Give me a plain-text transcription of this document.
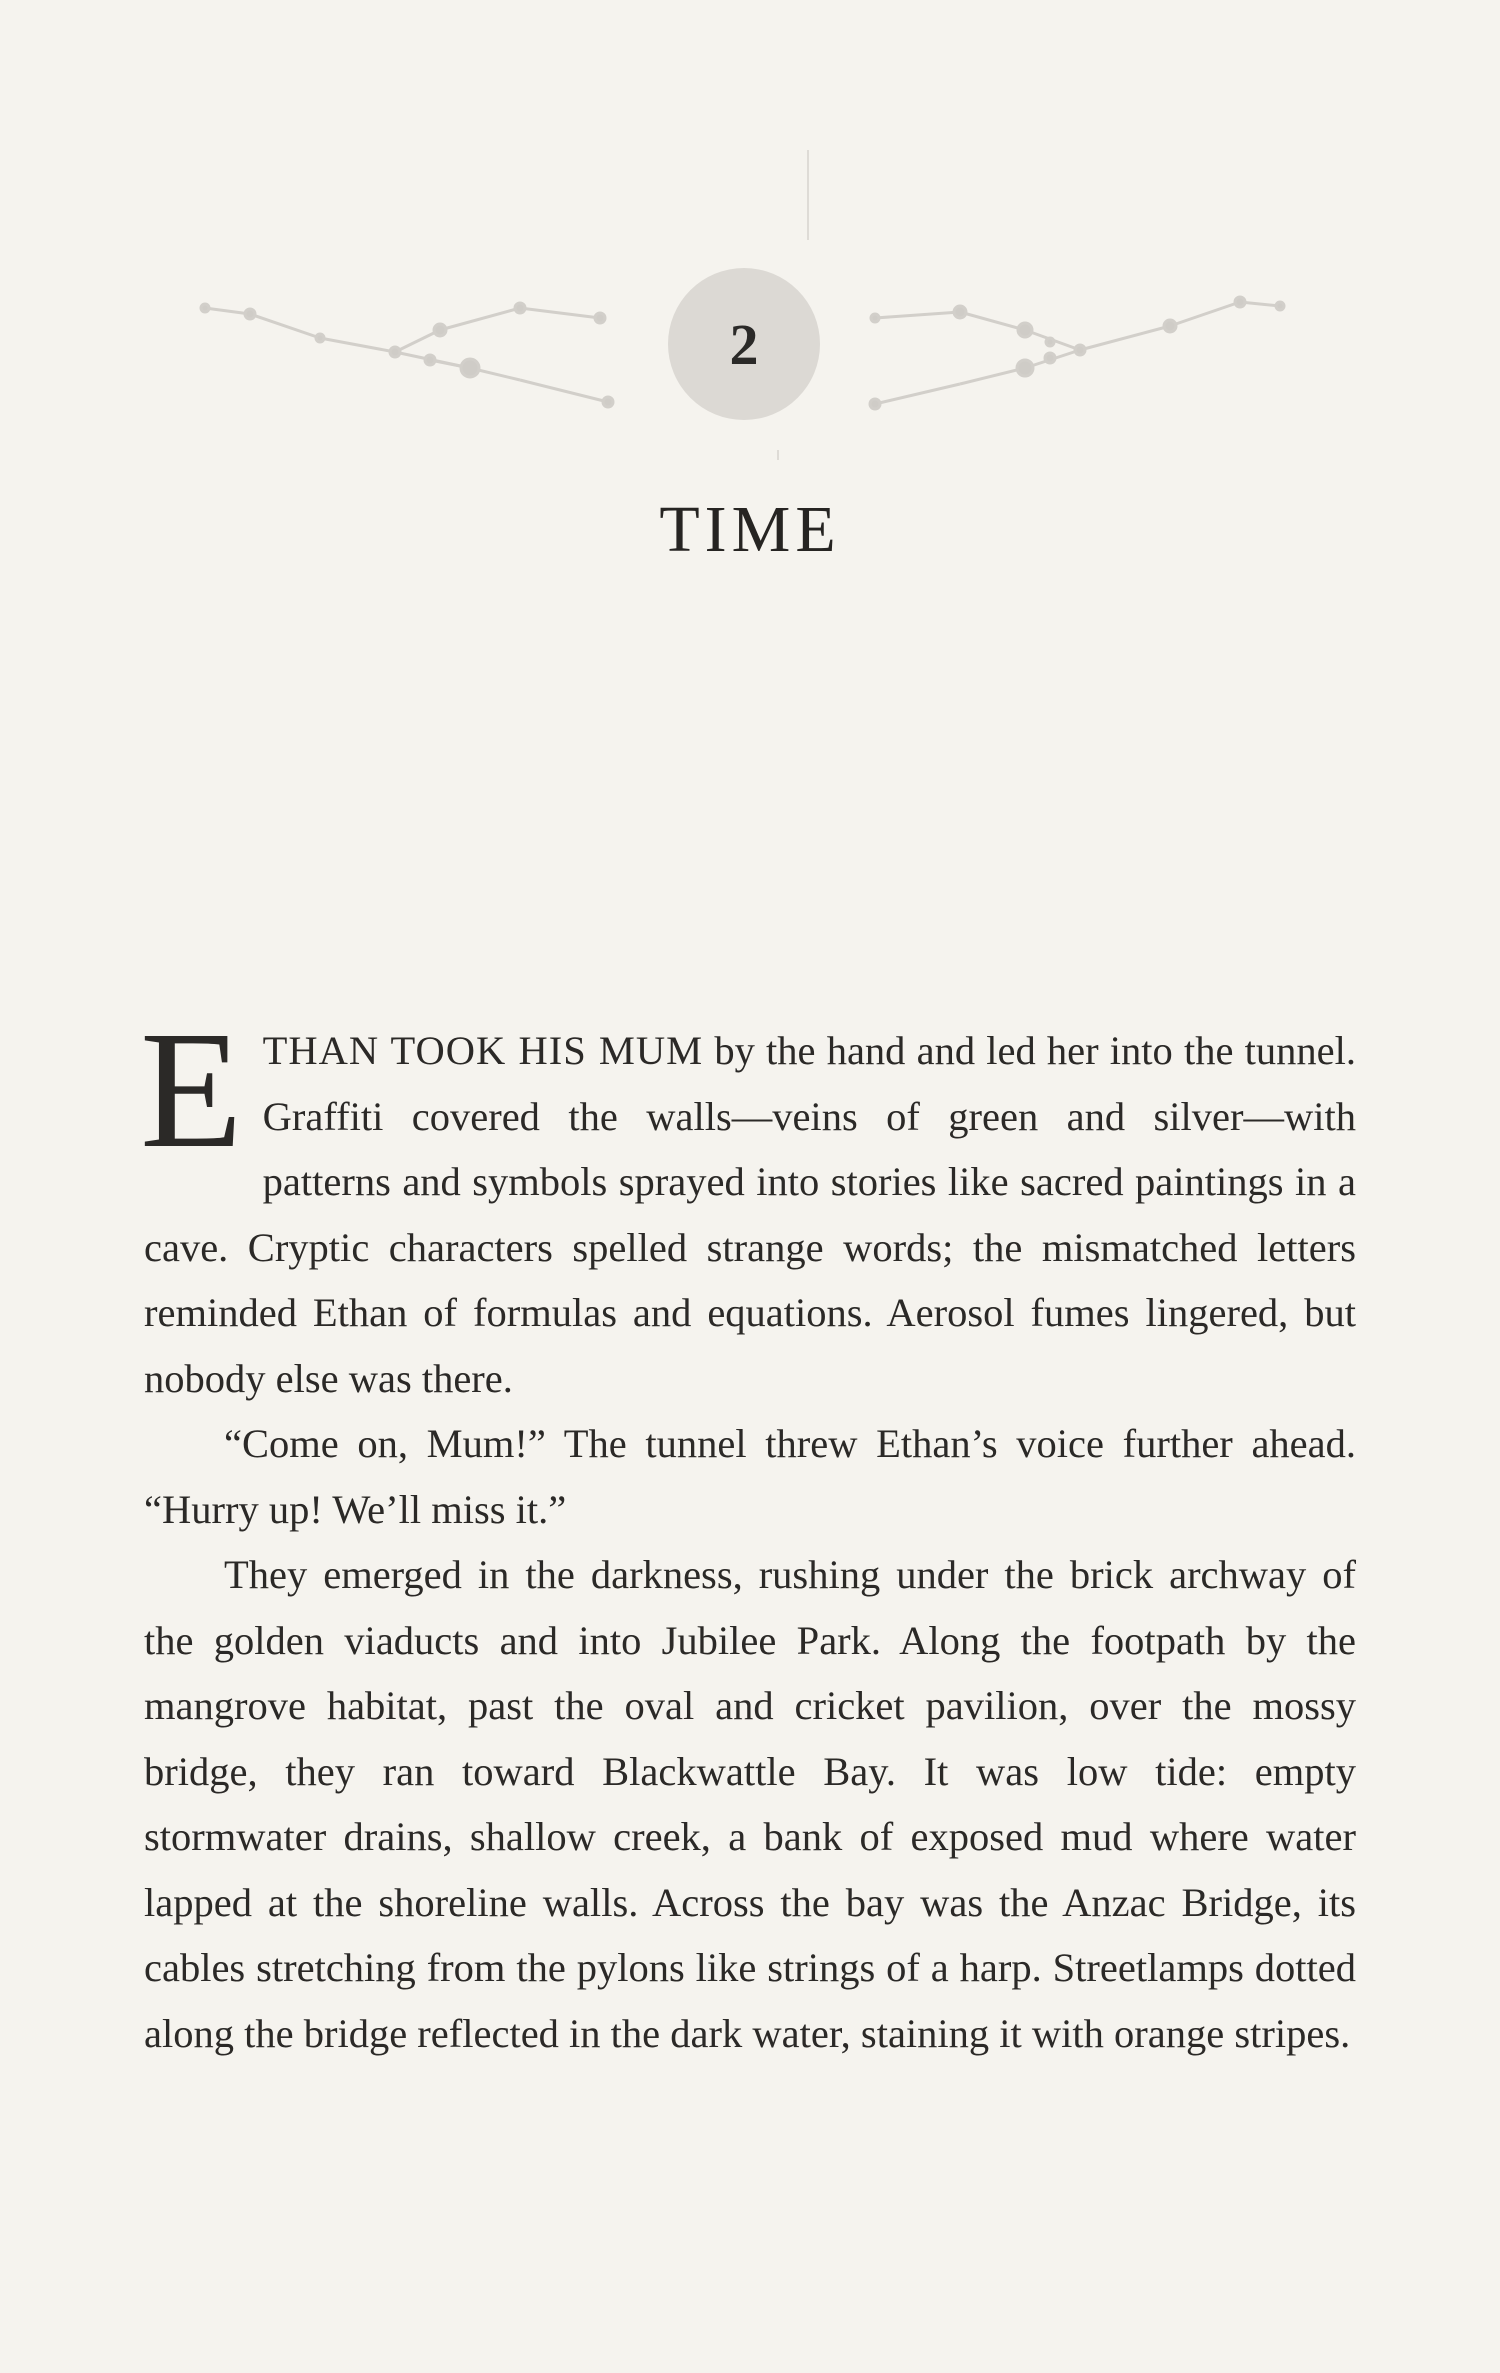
2
TIME

ETHAN TOOK HIS MUM by the hand and led her into the tunnel. Graffiti covered the walls—veins of green and silver—with patterns and symbols sprayed into stories like sacred paintings in a cave. Cryptic characters spelled strange words; the mismatched letters reminded Ethan of formulas and equations. Aerosol fumes lingered, but nobody else was there.

“Come on, Mum!” The tunnel threw Ethan’s voice further ahead. “Hurry up! We’ll miss it.”

They emerged in the darkness, rushing under the brick archway of the golden viaducts and into Jubilee Park. Along the footpath by the mangrove habitat, past the oval and cricket pavilion, over the mossy bridge, they ran toward Blackwattle Bay. It was low tide: empty stormwater drains, shallow creek, a bank of exposed mud where water lapped at the shoreline walls. Across the bay was the Anzac Bridge, its cables stretching from the pylons like strings of a harp. Streetlamps dotted along the bridge reflected in the dark water, staining it with orange stripes.
